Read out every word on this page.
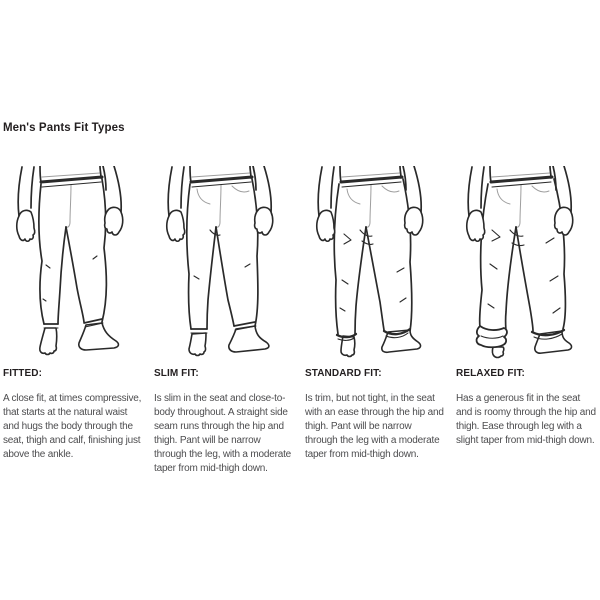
Men's Pants Fit Types
FITTED:

A close fit, at times compressive, that starts at the natural waist and hugs the body through the seat, thigh and calf, finishing just above the ankle.

SLIM FIT:

Is slim in the seat and close-to-body throughout. A straight side seam runs through the hip and thigh. Pant will be narrow through the leg, with a moderate taper from mid-thigh down.

STANDARD FIT:

Is trim, but not tight, in the seat with an ease through the hip and thigh. Pant will be narrow through the leg with a moderate taper from mid-thigh down.

RELAXED FIT:

Has a generous fit in the seat and is roomy through the hip and thigh. Ease through leg with a slight taper from mid-thigh down.
